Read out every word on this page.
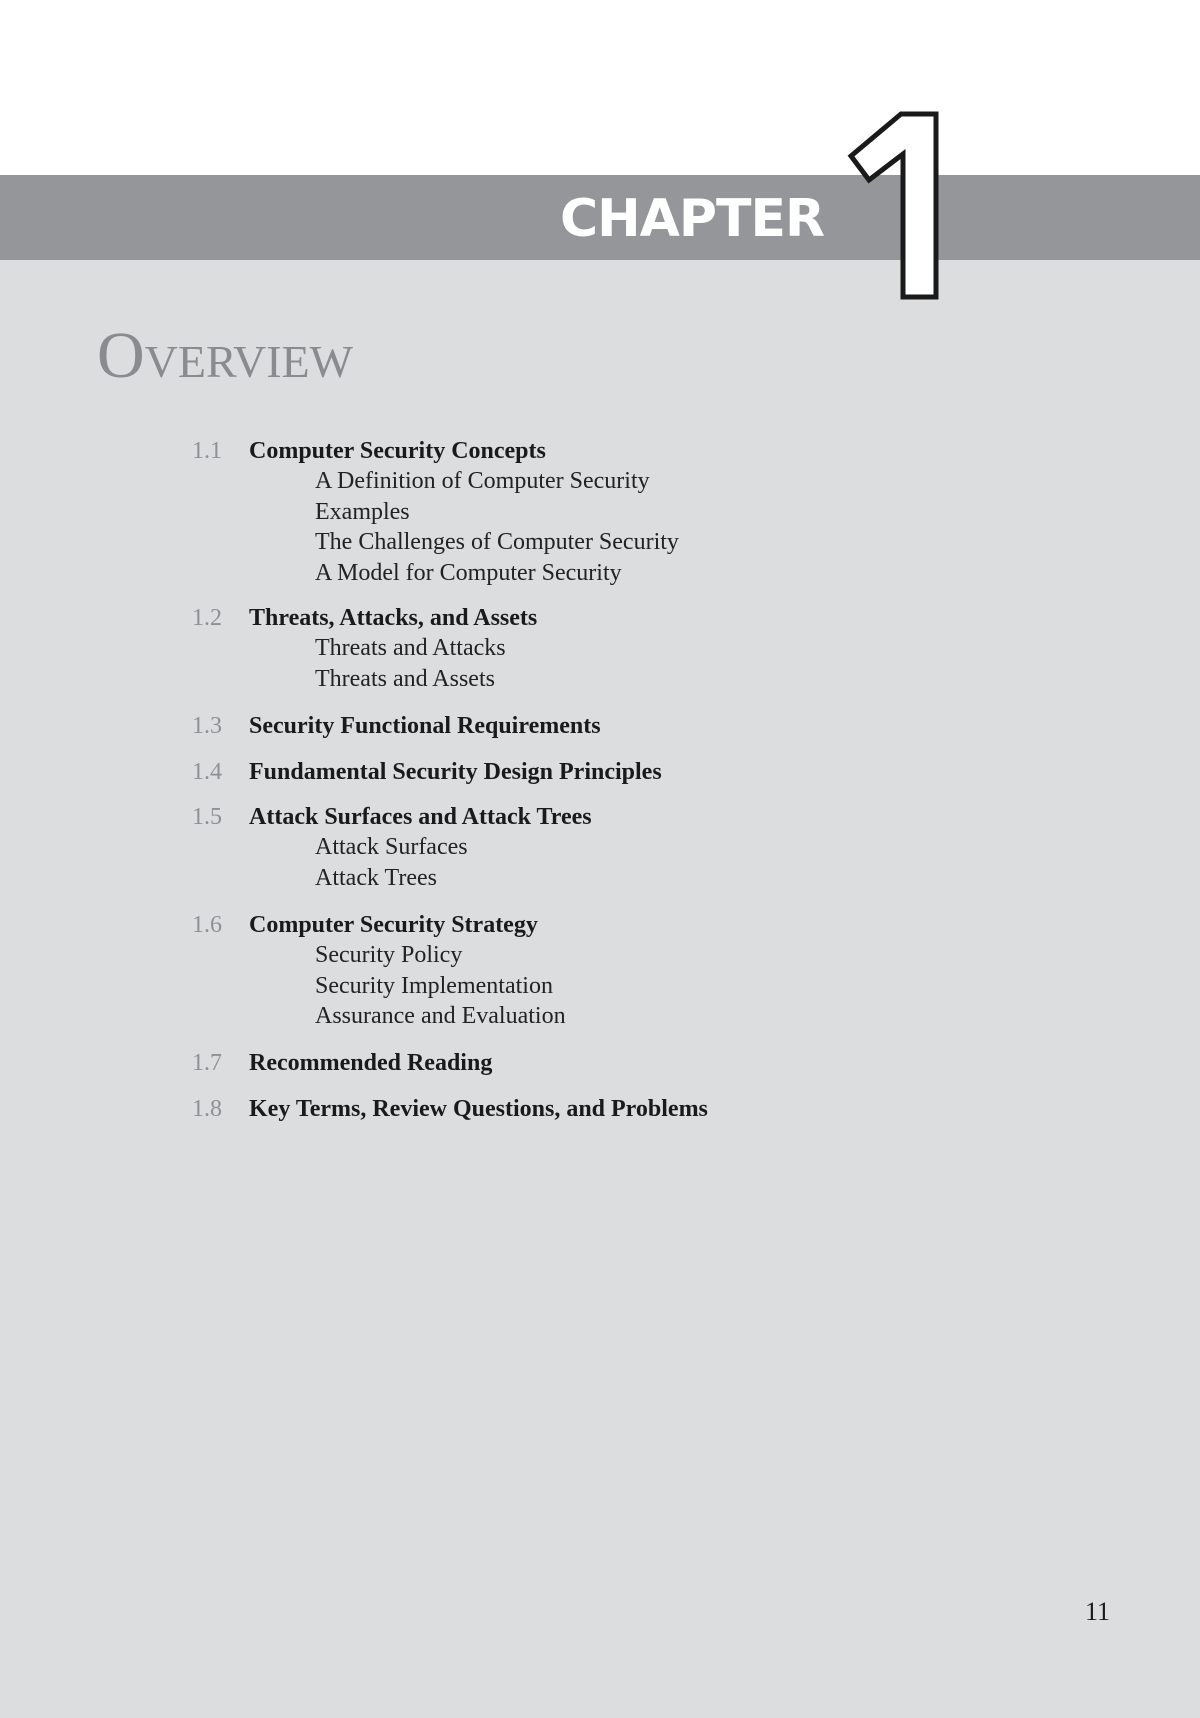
CHAPTER	1
OVERVIEW
1.1	Computer Security Concepts
A Definition of Computer Security
Examples
The Challenges of Computer Security
A Model for Computer Security
1.2	Threats, Attacks, and Assets
Threats and Attacks
Threats and Assets
1.3	Security Functional Requirements
1.4	Fundamental Security Design Principles
1.5	Attack Surfaces and Attack Trees
Attack Surfaces
Attack Trees
1.6	Computer Security Strategy
Security Policy
Security Implementation
Assurance and Evaluation
1.7	Recommended Reading
1.8	Key Terms, Review Questions, and Problems
11
